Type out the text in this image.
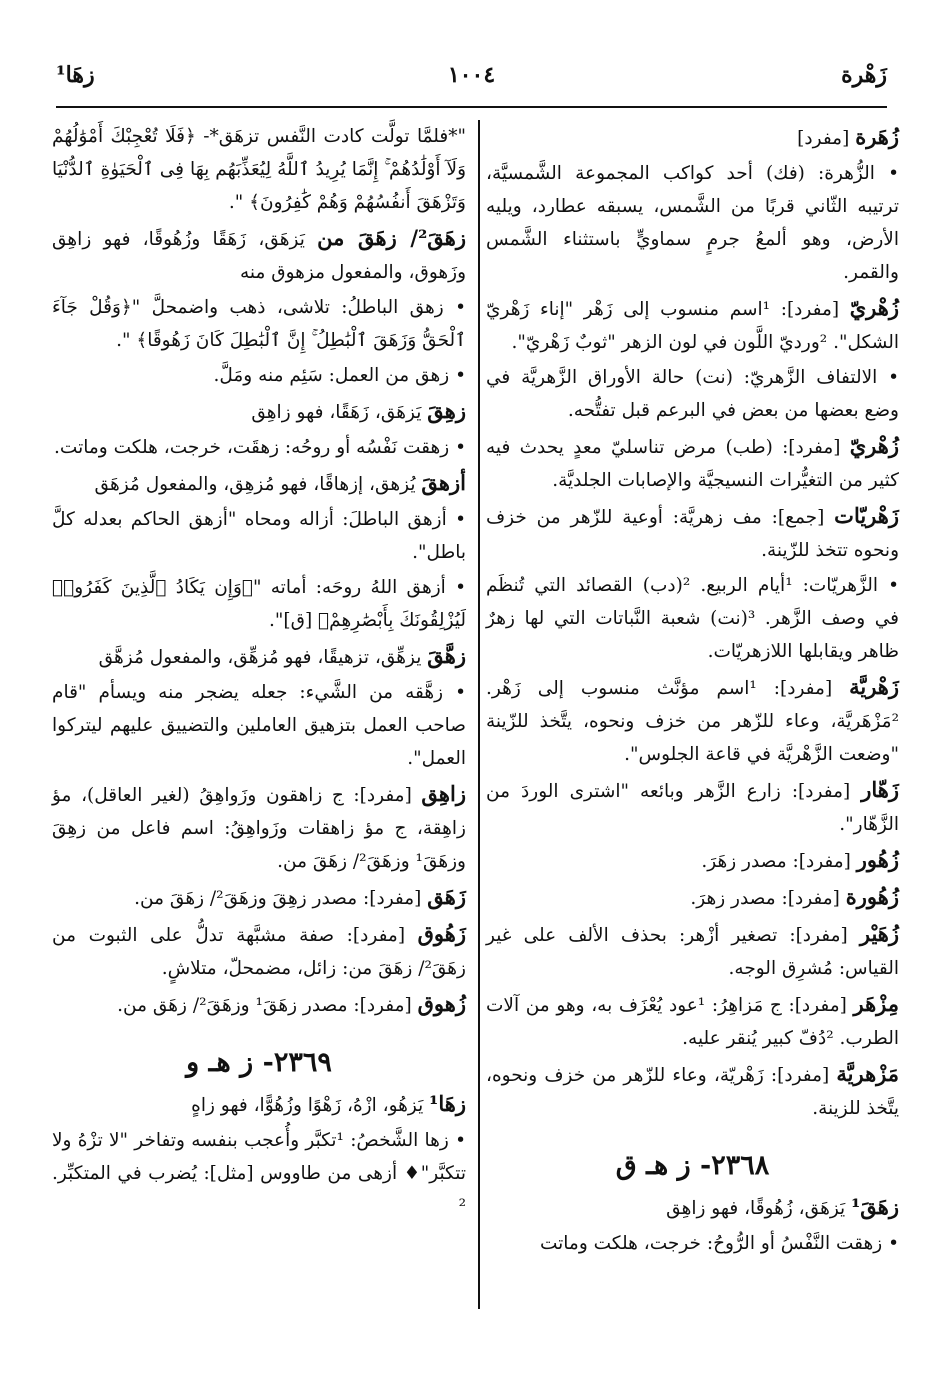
زَهْرة
١٠٠٤
زهَا¹

زُهَرة [مفرد]

• الزُّهرة: (فك) أحد كواكب المجموعة الشَّمسيَّة، ترتيبه الثّاني قربًا من الشَّمس، يسبقه عطارد، ويليه الأرض، وهو ألمعُ جرمٍ سماويٍّ باستثناء الشَّمس والقمر.

زُهْريّ [مفرد]: ¹اسم منسوب إلى زَهْر "إناء زَهْريّ الشكل". ²ورديّ اللَّون في لون الزهر "ثوبٌ زَهْريّ".

• الالتفاف الزَّهريّ: (نت) حالة الأوراق الزَّهريَّة في وضع بعضها من بعض في البرعم قبل تفتُّحه.

زُهْريّ [مفرد]: (طب) مرض تناسليّ معدٍ يحدث فيه كثير من التغيُّرات النسيجيَّة والإصابات الجلديَّة.

زَهْريّات [جمع]: مف زهريَّة: أوعية للزّهر من خزف ونحوه تتخذ للزّينة.

• الزَّهريّات: ¹أيام الربيع. ²(دب) القصائد التي تُنظَم في وصف الزَّهر. ³(نت) شعبة النَّباتات التي لها زهرٌ ظاهر ويقابلها اللازهريّات.

زَهْريَّة [مفرد]: ¹اسم مؤنَّث منسوب إلى زَهْر. ²مَزْهَريَّة، وعاء للزّهر من خزف ونحوه، يتَّخذ للزّينة "وضعت الزَّهْريَّة في قاعة الجلوس".

زَهّار [مفرد]: زارع الزَّهر وبائعه "اشترى الوردَ من الزَّهّار".

زُهُور [مفرد]: مصدر زهَرَ.

زُهُورة [مفرد]: مصدر زهرَ.

زُهَيْر [مفرد]: تصغير أزْهر: بحذف الألف على غير القياس: مُشرِق الوجه.

مِزْهَر [مفرد]: ج مَزاهِرُ: ¹عود يُعْزَف به، وهو من آلات الطرب. ²دُفّ كبير يُنقر عليه.

مَزْهريَّة [مفرد]: زَهْريّة، وعاء للزّهر من خزف ونحوه، يتَّخذ للزينة.

٢٣٦٨- ز هـ ق

زهَقَ¹ يَزهَق، زُهُوقًا، فهو زاهِق

• زهقت النَّفْسُ أو الرُّوحُ: خرجت، هلكت وماتت

"*فلمَّا تولَّت كادت النَّفس تزهَق*- ﴿فَلَا تُعْجِبْكَ أَمْوَٰلُهُمْ وَلَآ أَوْلَٰدُهُمْ ۚ إِنَّمَا يُرِيدُ ٱللَّهُ لِيُعَذِّبَهُم بِهَا فِى ٱلْحَيَوٰةِ ٱلدُّنْيَا وَتَزْهَقَ أَنفُسُهُمْ وَهُمْ كَٰفِرُونَ﴾ ".

زهَقَ²/ زهَقَ من يَزهَق، زَهَقًا وزُهُوقًا، فهو زاهِق وزَهوق، والمفعول مزهوق منه

• زهق الباطلُ: تلاشى، ذهب واضمحلَّ "﴿وَقُلْ جَآءَ ٱلْحَقُّ وَزَهَقَ ٱلْبَٰطِلُ ۚ إِنَّ ٱلْبَٰطِلَ كَانَ زَهُوقًا﴾ ".

• زهق من العمل: سَئِم منه ومَلَّ.

زهِقَ يَزهَق، زَهَقًا، فهو زاهِق

• زهقت نَفْسُه أو روحُه: زهقَت، خرجت، هلكت وماتت.

أزهقَ يُزهق، إزهاقًا، فهو مُزهِق، والمفعول مُزهَق

• أزهق الباطلَ: أزاله ومحاه "أزهق الحاكم بعدله كلَّ باطل".

• أزهق اللهُ روحَه: أماته "﴿وَإِن يَكَادُ ٱلَّذِينَ كَفَرُوا۟ لَيُزْلِقُونَكَ بِأَبْصَٰرِهِمْ﴾ [ق]".

زهَّقَ يزهِّق، تزهيقًا، فهو مُزهِّق، والمفعول مُزهَّق

• زهَّقه من الشَّيء: جعله يضجر منه ويسأم "قام صاحب العمل بتزهيق العاملين والتضييق عليهم ليتركوا العمل".

زاهِق [مفرد]: ج زاهقون وزَواهِقُ (لغير العاقل)، مؤ زاهِقة، ج مؤ زاهقات وزَواهِقُ: اسم فاعل من زهِقَ وزهَقَ¹ وزهَقَ²/ زهَقَ من.

زَهَق [مفرد]: مصدر زهِقَ وزهَقَ²/ زهَقَ من.

زَهُوق [مفرد]: صفة مشبَّهة تدلُّ على الثبوت من زهَقَ²/ زهَقَ من: زائل، مضمحلّ، متلاشٍ.

زُهوق [مفرد]: مصدر زهَقَ¹ وزهَقَ²/ زهَق من.

٢٣٦٩- ز هـ و

زهَا¹ يَزهُو، ازْهُ، زَهْوًا وزُهُوًّا، فهو زاهٍ

• زها الشَّخصُ: ¹تكبَّر وأُعجب بنفسه وتفاخر "لا تزْهُ ولا تتكبَّر"♦ أزهى من طاووس [مثل]: يُضرب في المتكبِّر. ²
